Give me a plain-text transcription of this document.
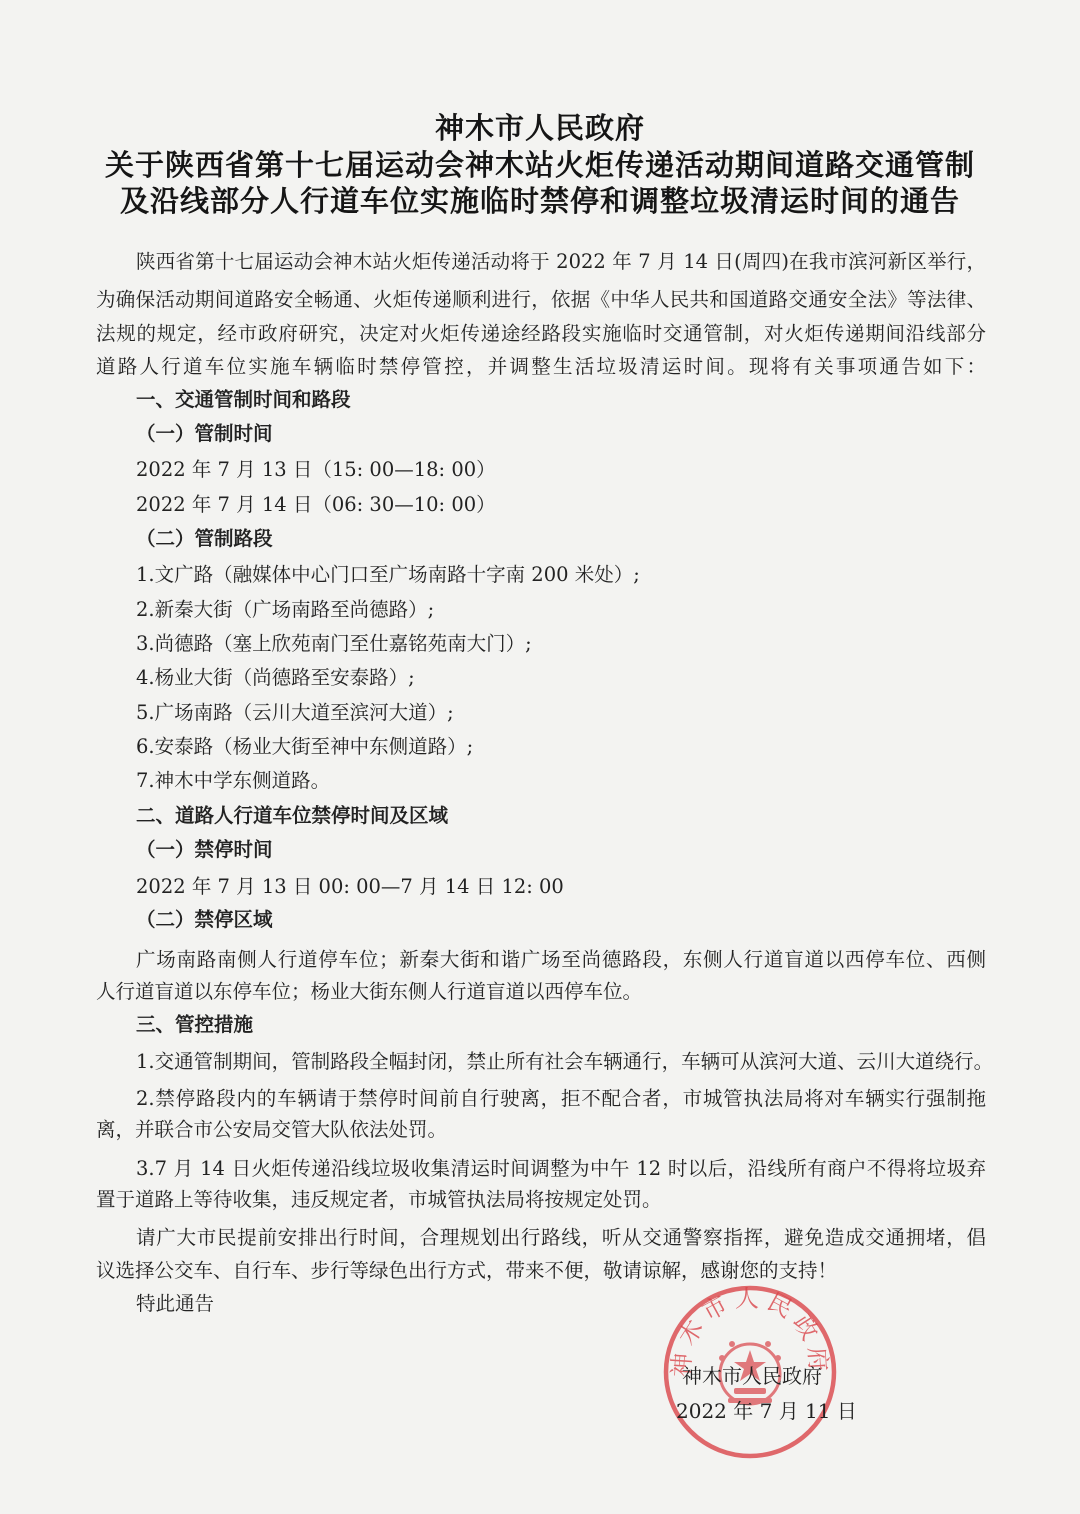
神木市人民政府
关于陕西省第十七届运动会神木站火炬传递活动期间道路交通管制
及沿线部分人行道车位实施临时禁停和调整垃圾清运时间的通告
陕西省第十七届运动会神木站火炬传递活动将于 2022 年 7 月 14 日(周四)在我市滨河新区举行，
为确保活动期间道路安全畅通、火炬传递顺利进行，依据《中华人民共和国道路交通安全法》等法律、
法规的规定，经市政府研究，决定对火炬传递途经路段实施临时交通管制，对火炬传递期间沿线部分
道路人行道车位实施车辆临时禁停管控，并调整生活垃圾清运时间。现将有关事项通告如下：
一、交通管制时间和路段
（一）管制时间
2022 年 7 月 13 日（15: 00—18: 00）
2022 年 7 月 14 日（06: 30—10: 00）
（二）管制路段
1.文广路（融媒体中心门口至广场南路十字南 200 米处）;
2.新秦大街（广场南路至尚德路）;
3.尚德路（塞上欣苑南门至仕嘉铭苑南大门）;
4.杨业大街（尚德路至安泰路）;
5.广场南路（云川大道至滨河大道）;
6.安泰路（杨业大街至神中东侧道路）;
7.神木中学东侧道路。
二、道路人行道车位禁停时间及区域
（一）禁停时间
2022 年 7 月 13 日 00: 00—7 月 14 日 12: 00
（二）禁停区域
广场南路南侧人行道停车位；新秦大街和谐广场至尚德路段，东侧人行道盲道以西停车位、西侧
人行道盲道以东停车位；杨业大街东侧人行道盲道以西停车位。
三、管控措施
1.交通管制期间，管制路段全幅封闭，禁止所有社会车辆通行，车辆可从滨河大道、云川大道绕行。
2.禁停路段内的车辆请于禁停时间前自行驶离，拒不配合者，市城管执法局将对车辆实行强制拖
离，并联合市公安局交管大队依法处罚。
3.7 月 14 日火炬传递沿线垃圾收集清运时间调整为中午 12 时以后，沿线所有商户不得将垃圾弃
置于道路上等待收集，违反规定者，市城管执法局将按规定处罚。
请广大市民提前安排出行时间，合理规划出行路线，听从交通警察指挥，避免造成交通拥堵，倡
议选择公交车、自行车、步行等绿色出行方式，带来不便，敬请谅解，感谢您的支持！
特此通告
神木市人民政府
神木市人民政府
2022 年 7 月 11 日
